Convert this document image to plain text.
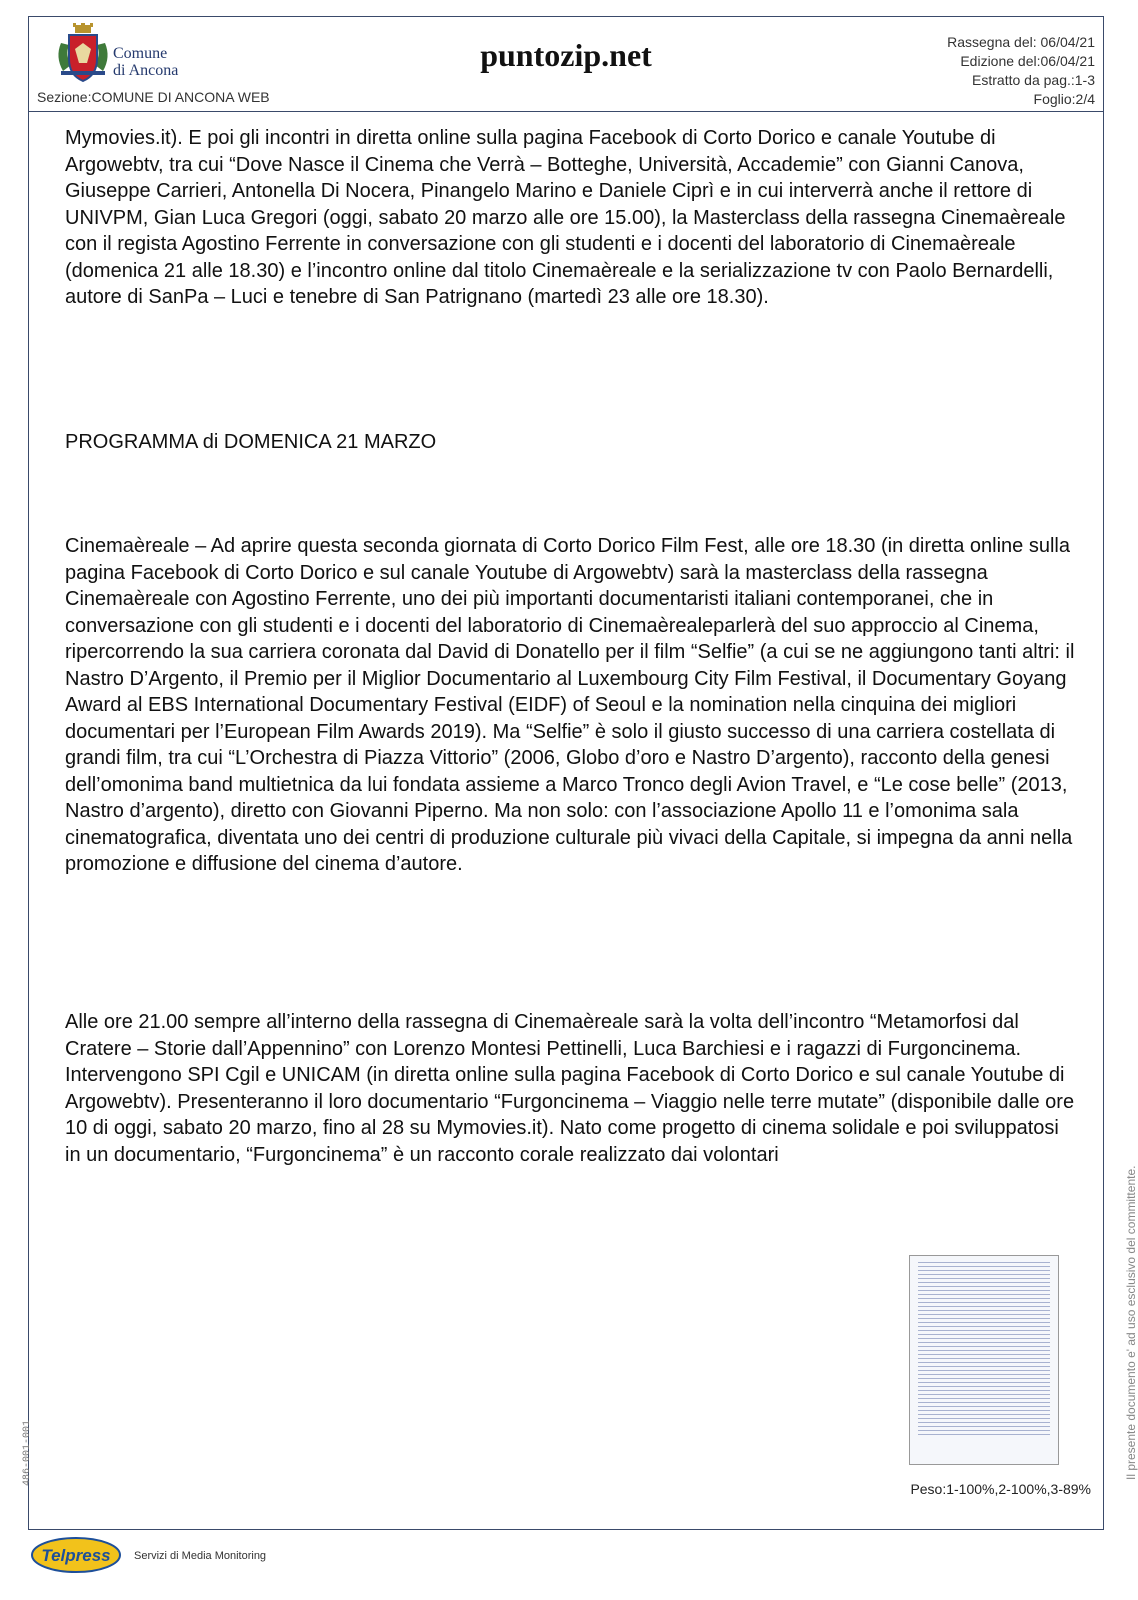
Comune
di Ancona	puntozip.net	Rassegna del: 06/04/21
Edizione del:06/04/21
Estratto da pag.:1-3
Foglio:2/4
Sezione:COMUNE DI ANCONA WEB
Mymovies.it). E poi gli incontri in diretta online sulla pagina Facebook di Corto Dorico e canale Youtube di Argowebtv, tra cui “Dove Nasce il Cinema che Verrà – Botteghe, Università, Accademie” con Gianni Canova, Giuseppe Carrieri, Antonella Di Nocera, Pinangelo Marino e Daniele Ciprì e in cui interverrà anche il rettore di UNIVPM, Gian Luca Gregori (oggi, sabato 20 marzo alle ore 15.00), la Masterclass della rassegna Cinemaèreale con il regista Agostino Ferrente in conversazione con gli studenti e i docenti del laboratorio di Cinemaèreale (domenica 21 alle 18.30) e l’incontro online dal titolo Cinemaèreale e la serializzazione tv con Paolo Bernardelli, autore di SanPa – Luci e tenebre di San Patrignano (martedì 23 alle ore 18.30).
PROGRAMMA di DOMENICA 21 MARZO
Cinemaèreale – Ad aprire questa seconda giornata di Corto Dorico Film Fest, alle ore 18.30 (in diretta online sulla pagina Facebook di Corto Dorico e sul canale Youtube di Argowebtv) sarà la masterclass della rassegna Cinemaèreale con Agostino Ferrente, uno dei più importanti documentaristi italiani contemporanei, che in conversazione con gli studenti e i docenti del laboratorio di Cinemaèrealeparlerà del suo approccio al Cinema, ripercorrendo la sua carriera coronata dal David di Donatello per il film “Selfie” (a cui se ne aggiungono tanti altri: il Nastro D’Argento, il Premio per il Miglior Documentario al Luxembourg City Film Festival, il Documentary Goyang Award al EBS International Documentary Festival (EIDF) of Seoul e la nomination nella cinquina dei migliori documentari per l’European Film Awards 2019). Ma “Selfie” è solo il giusto successo di una carriera costellata di grandi film, tra cui “L’Orchestra di Piazza Vittorio” (2006, Globo d’oro e Nastro D’argento), racconto della genesi dell’omonima band multietnica da lui fondata assieme a Marco Tronco degli Avion Travel, e “Le cose belle” (2013, Nastro d’argento), diretto con Giovanni Piperno. Ma non solo: con l’associazione Apollo 11 e l’omonima sala cinematografica, diventata uno dei centri di produzione culturale più vivaci della Capitale, si impegna da anni nella promozione e diffusione del cinema d’autore.
Alle ore 21.00 sempre all’interno della rassegna di Cinemaèreale sarà la volta dell’incontro “Metamorfosi dal Cratere – Storie dall’Appennino” con Lorenzo Montesi Pettinelli, Luca Barchiesi e i ragazzi di Furgoncinema. Intervengono SPI Cgil e UNICAM (in diretta online sulla pagina Facebook di Corto Dorico e sul canale Youtube di Argowebtv). Presenteranno il loro documentario “Furgoncinema – Viaggio nelle terre mutate” (disponibile dalle ore 10 di oggi, sabato 20 marzo, fino al 28 su Mymovies.it). Nato come progetto di cinema solidale e poi sviluppatosi in un documentario, “Furgoncinema” è un racconto corale realizzato dai volontari
Peso:1-100%,2-100%,3-89%
Il presente documento e' ad uso esclusivo del committente.
486-001-001
Telpress Servizi di Media Monitoring
